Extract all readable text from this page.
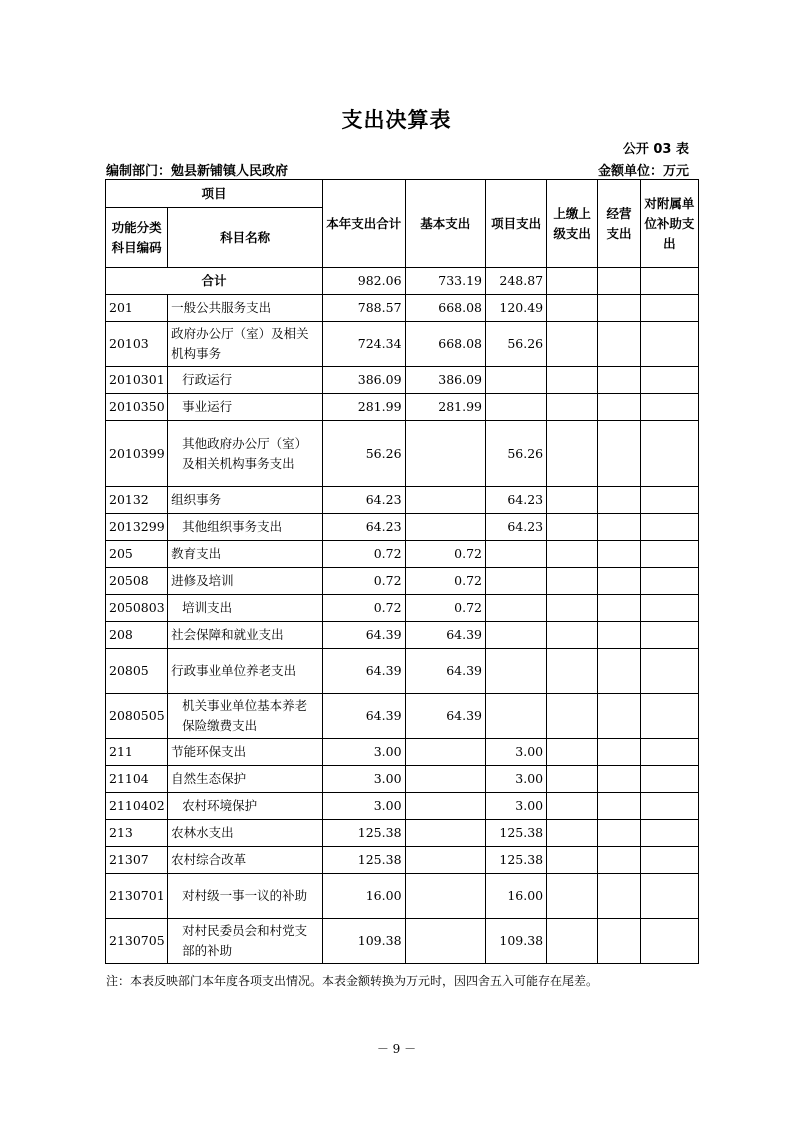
支出决算表
公开 03 表
编制部门：勉县新铺镇人民政府	金额单位：万元
项目		本年支出合计	基本支出	项目支出	上缴上级支出	经营支出	对附属单位补助支出
功能分类科目编码	科目名称						
合计		982.06	733.19	248.87			
201	一般公共服务支出	788.57	668.08	120.49			
20103	政府办公厅（室）及相关机构事务	724.34	668.08	56.26			
2010301	行政运行	386.09	386.09				
2010350	事业运行	281.99	281.99				
2010399	其他政府办公厅（室）及相关机构事务支出	56.26		56.26			
20132	组织事务	64.23		64.23			
2013299	其他组织事务支出	64.23		64.23			
205	教育支出	0.72	0.72				
20508	进修及培训	0.72	0.72				
2050803	培训支出	0.72	0.72				
208	社会保障和就业支出	64.39	64.39				
20805	行政事业单位养老支出	64.39	64.39				
2080505	机关事业单位基本养老保险缴费支出	64.39	64.39				
211	节能环保支出	3.00		3.00			
21104	自然生态保护	3.00		3.00			
2110402	农村环境保护	3.00		3.00			
213	农林水支出	125.38		125.38			
21307	农村综合改革	125.38		125.38			
2130701	对村级一事一议的补助	16.00		16.00			
2130705	对村民委员会和村党支部的补助	109.38		109.38			
注：本表反映部门本年度各项支出情况。本表金额转换为万元时，因四舍五入可能存在尾差。
－ 9 －
